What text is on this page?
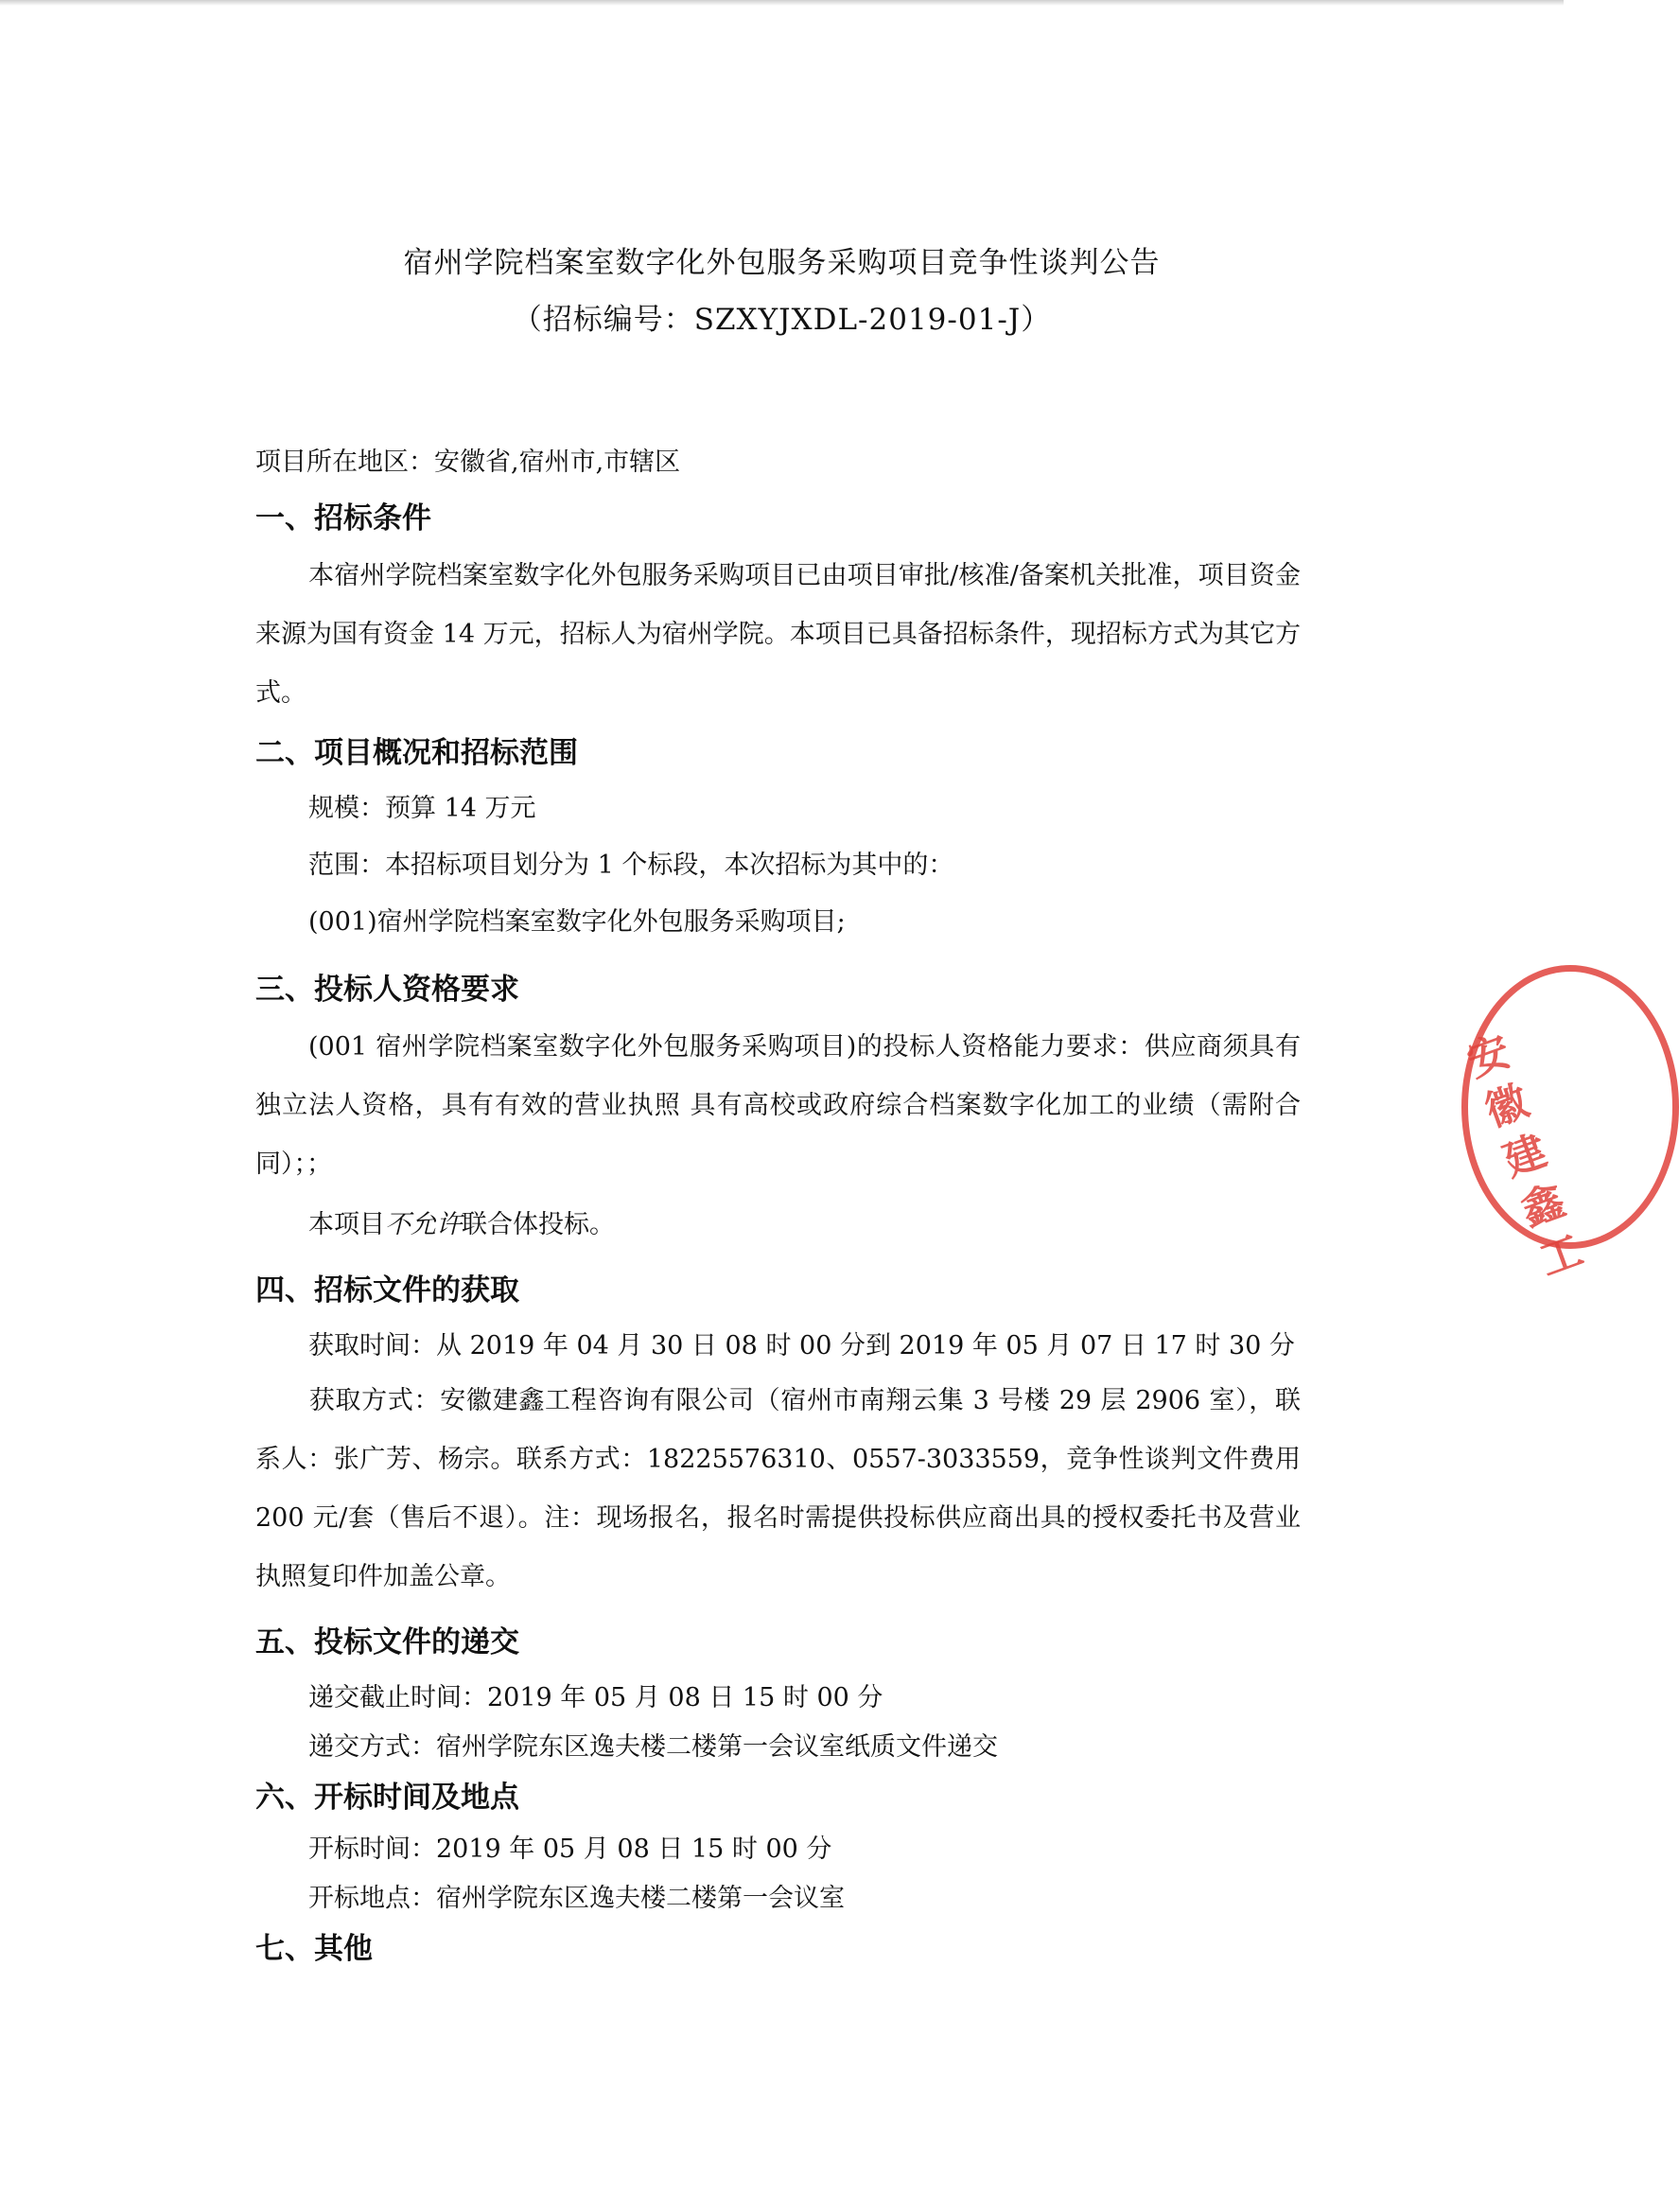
宿州学院档案室数字化外包服务采购项目竞争性谈判公告
（招标编号：SZXYJXDL-2019-01-J）

项目所在地区：安徽省,宿州市,市辖区

一、招标条件

本宿州学院档案室数字化外包服务采购项目已由项目审批/核准/备案机关批准，项目资金来源为国有资金 14 万元，招标人为宿州学院。本项目已具备招标条件，现招标方式为其它方式。

二、项目概况和招标范围

规模：预算 14 万元

范围：本招标项目划分为 1 个标段，本次招标为其中的：

(001)宿州学院档案室数字化外包服务采购项目;

三、投标人资格要求

(001 宿州学院档案室数字化外包服务采购项目)的投标人资格能力要求：供应商须具有独立法人资格，具有有效的营业执照 具有高校或政府综合档案数字化加工的业绩（需附合同）；；

本项目不允许联合体投标。

四、招标文件的获取

获取时间：从 2019 年 04 月 30 日 08 时 00 分到 2019 年 05 月 07 日 17 时 30 分

获取方式：安徽建鑫工程咨询有限公司（宿州市南翔云集 3 号楼 29 层 2906 室），联系人：张广芳、杨宗。联系方式：18225576310、0557-3033559，竞争性谈判文件费用 200 元/套（售后不退）。注：现场报名，报名时需提供投标供应商出具的授权委托书及营业执照复印件加盖公章。

五、投标文件的递交

递交截止时间：2019 年 05 月 08 日 15 时 00 分

递交方式：宿州学院东区逸夫楼二楼第一会议室纸质文件递交

六、开标时间及地点

开标时间：2019 年 05 月 08 日 15 时 00 分

开标地点：宿州学院东区逸夫楼二楼第一会议室

七、其他

安徽建鑫工
